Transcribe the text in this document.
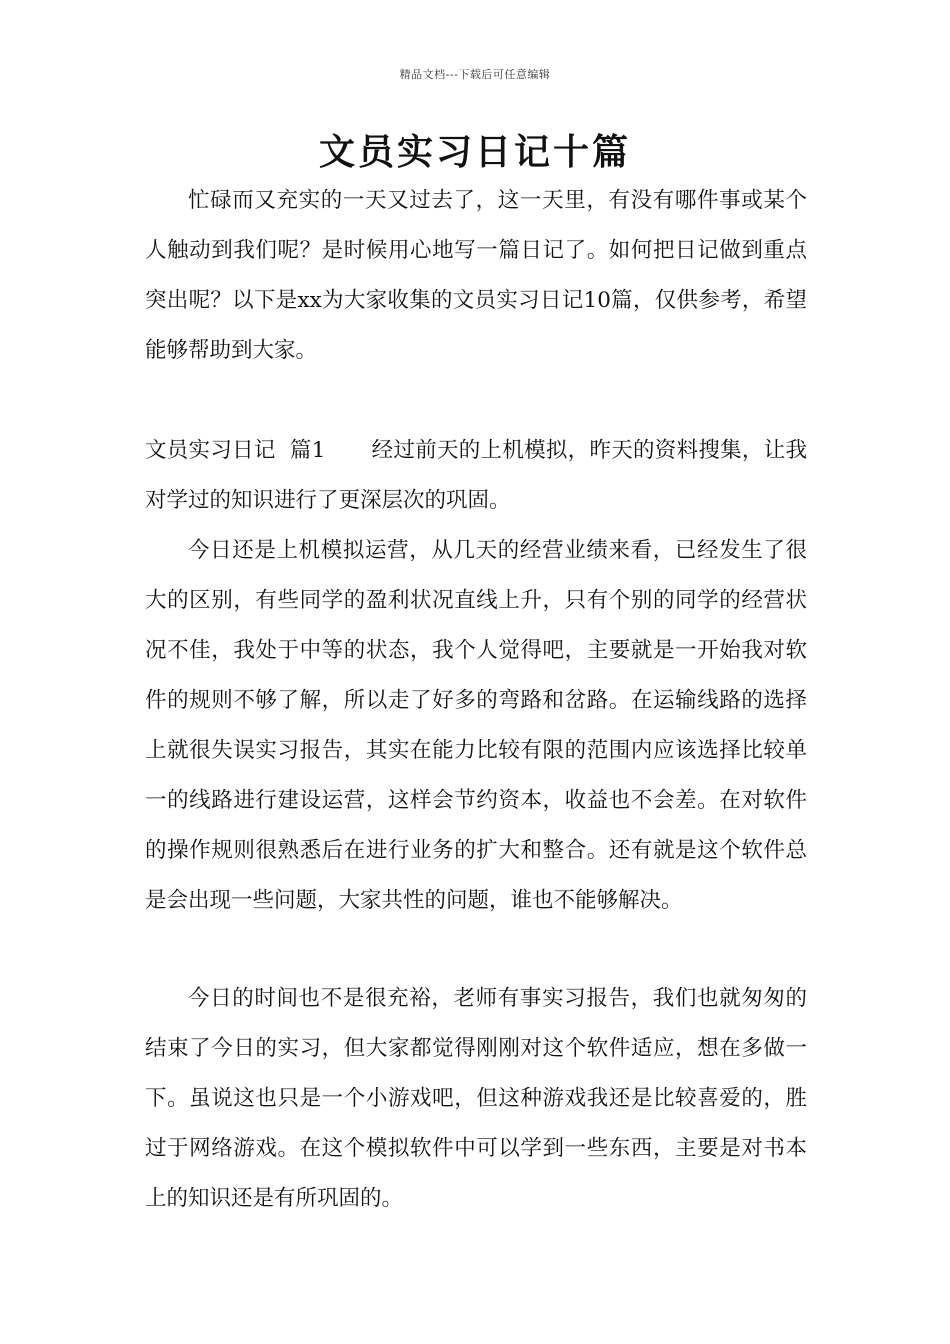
精品文档---下载后可任意编辑
文员实习日记十篇

忙碌而又充实的一天又过去了，这一天里，有没有哪件事或某个人触动到我们呢？是时候用心地写一篇日记了。如何把日记做到重点突出呢？以下是xx为大家收集的文员实习日记10篇，仅供参考，希望能够帮助到大家。

文员实习日记  篇1 经过前天的上机模拟，昨天的资料搜集，让我对学过的知识进行了更深层次的巩固。

今日还是上机模拟运营，从几天的经营业绩来看，已经发生了很大的区别，有些同学的盈利状况直线上升，只有个别的同学的经营状况不佳，我处于中等的状态，我个人觉得吧，主要就是一开始我对软件的规则不够了解，所以走了好多的弯路和岔路。在运输线路的选择上就很失误实习报告，其实在能力比较有限的范围内应该选择比较单一的线路进行建设运营，这样会节约资本，收益也不会差。在对软件的操作规则很熟悉后在进行业务的扩大和整合。还有就是这个软件总是会出现一些问题，大家共性的问题，谁也不能够解决。

今日的时间也不是很充裕，老师有事实习报告，我们也就匆匆的结束了今日的实习，但大家都觉得刚刚对这个软件适应，想在多做一下。虽说这也只是一个小游戏吧，但这种游戏我还是比较喜爱的，胜过于网络游戏。在这个模拟软件中可以学到一些东西，主要是对书本上的知识还是有所巩固的。
